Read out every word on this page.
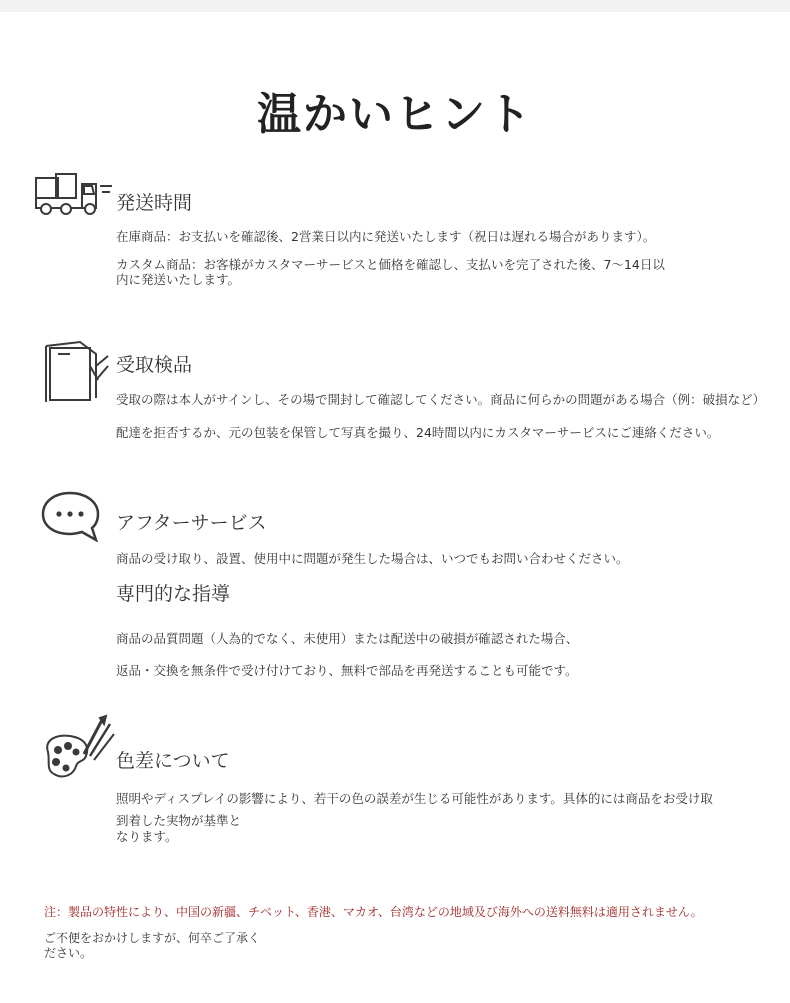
温かいヒント
発送時間
在庫商品：お支払いを確認後、2営業日以内に発送いたします（祝日は遅れる場合があります）。
カスタム商品：お客様がカスタマーサービスと価格を確認し、支払いを完了された後、7〜14日以
内に発送いたします。
受取検品
受取の際は本人がサインし、その場で開封して確認してください。商品に何らかの問題がある場合（例：破損など）
配達を拒否するか、元の包装を保管して写真を撮り、24時間以内にカスタマーサービスにご連絡ください。
アフターサービス
商品の受け取り、設置、使用中に問題が発生した場合は、いつでもお問い合わせください。
専門的な指導
商品の品質問題（人為的でなく、未使用）または配送中の破損が確認された場合、
返品・交換を無条件で受け付けており、無料で部品を再発送することも可能です。
色差について
照明やディスプレイの影響により、若干の色の誤差が生じる可能性があります。具体的には商品をお受け取
到着した実物が基準と
なります。
注：製品の特性により、中国の新疆、チベット、香港、マカオ、台湾などの地域及び海外への送料無料は適用されません。
ご不便をおかけしますが、何卒ご了承く
ださい。
